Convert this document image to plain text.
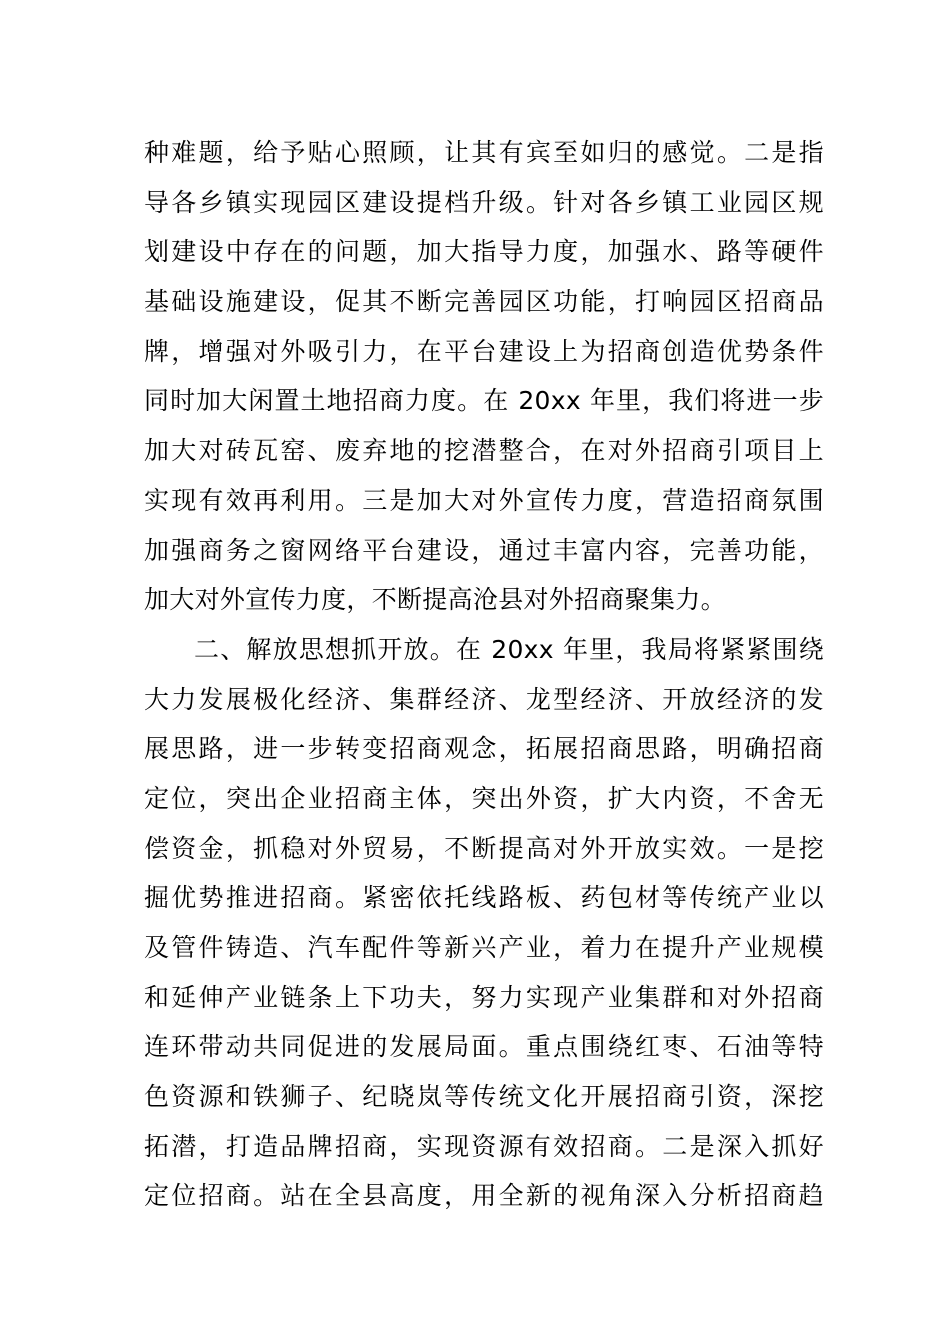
种难题，给予贴心照顾，让其有宾至如归的感觉。二是指
导各乡镇实现园区建设提档升级。针对各乡镇工业园区规
划建设中存在的问题，加大指导力度，加强水、路等硬件
基础设施建设，促其不断完善园区功能，打响园区招商品
牌，增强对外吸引力，在平台建设上为招商创造优势条件
同时加大闲置土地招商力度。在 20xx 年里，我们将进一步
加大对砖瓦窑、废弃地的挖潜整合，在对外招商引项目上
实现有效再利用。三是加大对外宣传力度，营造招商氛围
加强商务之窗网络平台建设，通过丰富内容，完善功能，
加大对外宣传力度，不断提高沧县对外招商聚集力。
二、解放思想抓开放。在 20xx 年里，我局将紧紧围绕
大力发展极化经济、集群经济、龙型经济、开放经济的发
展思路，进一步转变招商观念，拓展招商思路，明确招商
定位，突出企业招商主体，突出外资，扩大内资，不舍无
偿资金，抓稳对外贸易，不断提高对外开放实效。一是挖
掘优势推进招商。紧密依托线路板、药包材等传统产业以
及管件铸造、汽车配件等新兴产业，着力在提升产业规模
和延伸产业链条上下功夫，努力实现产业集群和对外招商
连环带动共同促进的发展局面。重点围绕红枣、石油等特
色资源和铁狮子、纪晓岚等传统文化开展招商引资，深挖
拓潜，打造品牌招商，实现资源有效招商。二是深入抓好
定位招商。站在全县高度，用全新的视角深入分析招商趋
